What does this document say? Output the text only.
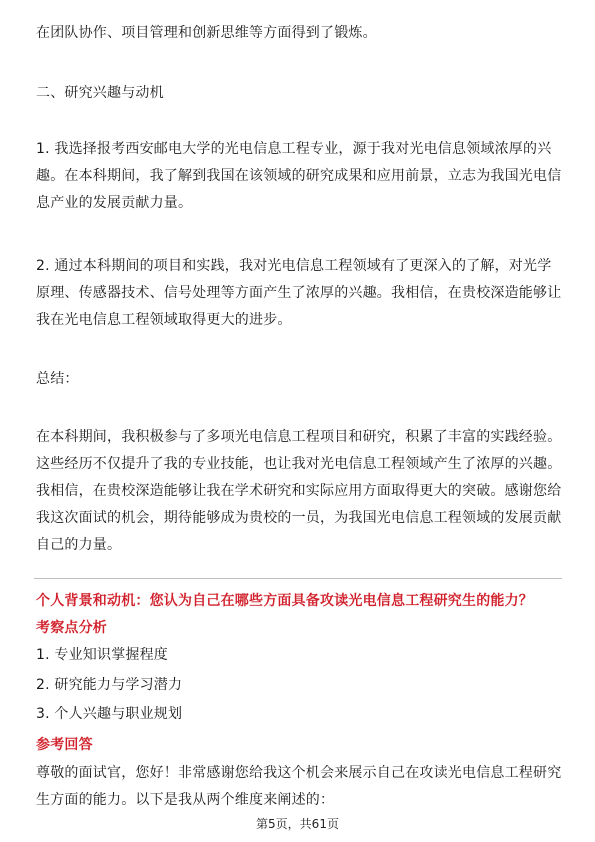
在团队协作、项目管理和创新思维等方面得到了锻炼。

二、研究兴趣与动机

1. 我选择报考西安邮电大学的光电信息工程专业，源于我对光电信息领域浓厚的兴趣。在本科期间，我了解到我国在该领域的研究成果和应用前景，立志为我国光电信息产业的发展贡献力量。

2. 通过本科期间的项目和实践，我对光电信息工程领域有了更深入的了解，对光学原理、传感器技术、信号处理等方面产生了浓厚的兴趣。我相信，在贵校深造能够让我在光电信息工程领域取得更大的进步。

总结：

在本科期间，我积极参与了多项光电信息工程项目和研究，积累了丰富的实践经验。这些经历不仅提升了我的专业技能，也让我对光电信息工程领域产生了浓厚的兴趣。我相信，在贵校深造能够让我在学术研究和实际应用方面取得更大的突破。感谢您给我这次面试的机会，期待能够成为贵校的一员，为我国光电信息工程领域的发展贡献自己的力量。

个人背景和动机：您认为自己在哪些方面具备攻读光电信息工程研究生的能力？

考察点分析

1. 专业知识掌握程度

2. 研究能力与学习潜力

3. 个人兴趣与职业规划

参考回答

尊敬的面试官，您好！非常感谢您给我这个机会来展示自己在攻读光电信息工程研究生方面的能力。以下是我从两个维度来阐述的：

第5页，共61页
